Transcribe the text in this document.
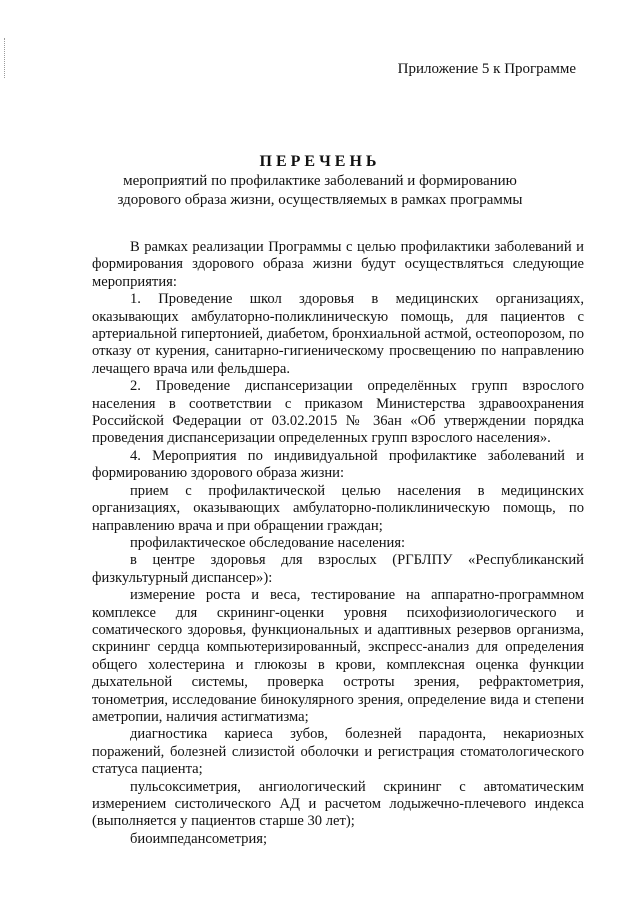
Приложение 5 к Программе
ПЕРЕЧЕНЬ
мероприятий по профилактике заболеваний и формированию
здорового образа жизни, осуществляемых в рамках программы

В рамках реализации Программы с целью профилактики заболеваний и формирования здорового образа жизни будут осуществляться следующие мероприятия:

1. Проведение школ здоровья в медицинских организациях, оказывающих амбулаторно-поликлиническую помощь, для пациентов с артериальной гипертонией, диабетом, бронхиальной астмой, остеопорозом, по отказу от курения, санитарно-гигиеническому просвещению по направлению лечащего врача или фельдшера.

2. Проведение диспансеризации определённых групп взрослого населения в соответствии с приказом Министерства здравоохранения Российской Федерации от 03.02.2015 № 36ан «Об утверждении порядка проведения диспансеризации определенных групп взрослого населения».

4. Мероприятия по индивидуальной профилактике заболеваний и формированию здорового образа жизни:

прием с профилактической целью населения в медицинских организациях, оказывающих амбулаторно-поликлиническую помощь, по направлению врача и при обращении граждан;

профилактическое обследование населения:

в центре здоровья для взрослых (РГБЛПУ «Республиканский физкультурный диспансер»):

измерение роста и веса, тестирование на аппаратно-программном комплексе для скрининг-оценки уровня психофизиологического и соматического здоровья, функциональных и адаптивных резервов организма, скрининг сердца компьютеризированный, экспресс-анализ для определения общего холестерина и глюкозы в крови, комплексная оценка функции дыхательной системы, проверка остроты зрения, рефрактометрия, тонометрия, исследование бинокулярного зрения, определение вида и степени аметропии, наличия астигматизма;

диагностика кариеса зубов, болезней парадонта, некариозных поражений, болезней слизистой оболочки и регистрация стоматологического статуса пациента;

пульсоксиметрия, ангиологический скрининг с автоматическим измерением систолического АД и расчетом лодыжечно-плечевого индекса (выполняется у пациентов старше 30 лет);

биоимпедансометрия;
